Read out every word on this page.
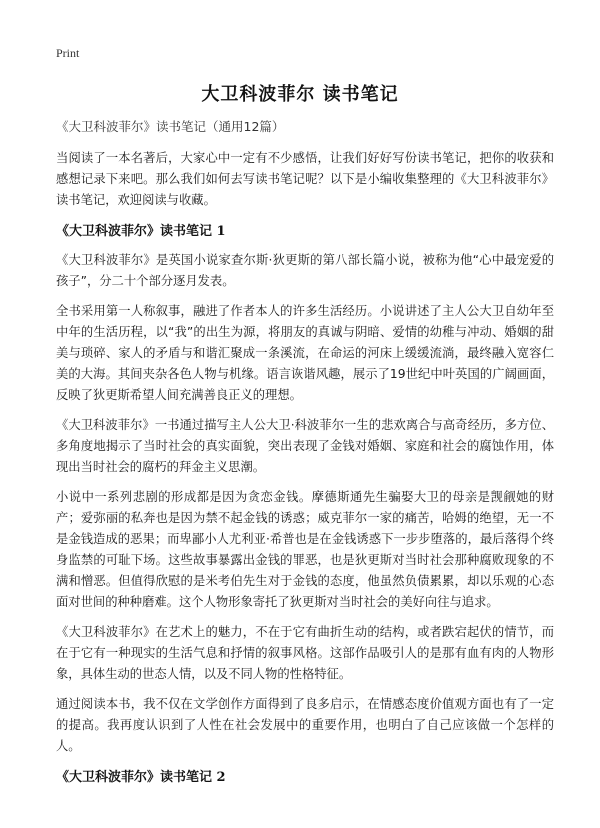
Print
大卫科波菲尔 读书笔记
《大卫科波菲尔》读书笔记（通用12篇）

当阅读了一本名著后，大家心中一定有不少感悟，让我们好好写份读书笔记，把你的收获和感想记录下来吧。那么我们如何去写读书笔记呢？以下是小编收集整理的《大卫科波菲尔》读书笔记，欢迎阅读与收藏。

《大卫科波菲尔》读书笔记 1

《大卫科波菲尔》是英国小说家查尔斯·狄更斯的第八部长篇小说，被称为他“心中最宠爱的孩子”，分二十个部分逐月发表。

全书采用第一人称叙事，融进了作者本人的许多生活经历。小说讲述了主人公大卫自幼年至中年的生活历程，以“我”的出生为源，将朋友的真诚与阴暗、爱情的幼稚与冲动、婚姻的甜美与琐碎、家人的矛盾与和谐汇聚成一条溪流，在命运的河床上缓缓流淌，最终融入宽容仁美的大海。其间夹杂各色人物与机缘。语言诙谐风趣，展示了19世纪中叶英国的广阔画面，反映了狄更斯希望人间充满善良正义的理想。

《大卫科波菲尔》一书通过描写主人公大卫·科波菲尔一生的悲欢离合与高奇经历，多方位、多角度地揭示了当时社会的真实面貌，突出表现了金钱对婚姻、家庭和社会的腐蚀作用，体现出当时社会的腐朽的拜金主义思潮。

小说中一系列悲剧的形成都是因为贪恋金钱。摩德斯通先生骗娶大卫的母亲是觊觎她的财产；爱弥丽的私奔也是因为禁不起金钱的诱惑；威克菲尔一家的痛苦，哈姆的绝望，无一不是金钱造成的恶果；而卑鄙小人尤利亚·希普也是在金钱诱惑下一步步堕落的，最后落得个终身监禁的可耻下场。这些故事暴露出金钱的罪恶，也是狄更斯对当时社会那种腐败现象的不满和憎恶。但值得欣慰的是米考伯先生对于金钱的态度，他虽然负债累累，却以乐观的心态面对世间的种种磨难。这个人物形象寄托了狄更斯对当时社会的美好向往与追求。

《大卫科波菲尔》在艺术上的魅力，不在于它有曲折生动的结构，或者跌宕起伏的情节，而在于它有一种现实的生活气息和抒情的叙事风格。这部作品吸引人的是那有血有肉的人物形象，具体生动的世态人情，以及不同人物的性格特征。

通过阅读本书，我不仅在文学创作方面得到了良多启示，在情感态度价值观方面也有了一定的提高。我再度认识到了人性在社会发展中的重要作用，也明白了自己应该做一个怎样的人。

《大卫科波菲尔》读书笔记 2
